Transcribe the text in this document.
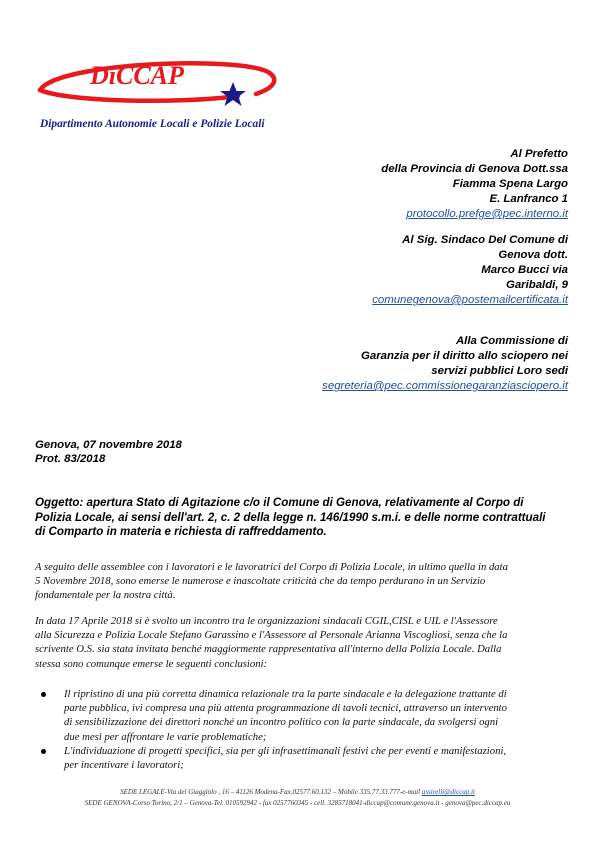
DiCCAP
Dipartimento Autonomie Locali e Polizie Locali
Al Prefetto
della Provincia di Genova Dott.ssa
Fiamma Spena Largo
E. Lanfranco 1
protocollo.prefge@pec.interno.it
Al Sig. Sindaco Del Comune di
Genova dott.
Marco Bucci via
Garibaldi, 9
comunegenova@postemailcertificata.it
Alla Commissione di
Garanzia per il diritto allo sciopero nei
servizi pubblici Loro sedi
segreteria@pec.commissionegaranziasciopero.it
Genova, 07 novembre 2018
Prot. 83/2018
Oggetto: apertura Stato di Agitazione c/o il Comune di Genova, relativamente al Corpo di
Polizia Locale, ai sensi dell'art. 2, c. 2 della legge n. 146/1990 s.m.i. e delle norme contrattuali
di Comparto in materia e richiesta di raffreddamento.
A seguito delle assemblee con i lavoratori e le lavoratrici del Corpo di Polizia Locale, in ultimo quella in data
5 Novembre 2018, sono emerse le numerose e inascoltate criticità che da tempo perdurano in un Servizio
fondamentale per la nostra città.
In data 17 Aprile 2018 si è svolto un incontro tra le organizzazioni sindacali CGIL,CISL e UIL e l'Assessore
alla Sicurezza e Polizia Locale Stefano Garassino e l'Assessore al Personale Arianna Viscogliosi, senza che la
scrivente O.S. sia stata invitata benché maggiormente rappresentativa all'interno della Polizia Locale. Dalla
stessa sono comunque emerse le seguenti conclusioni:
Il ripristino di una più corretta dinamica relazionale tra la parte sindacale e la delegazione trattante di
parte pubblica, ivi compresa una più attenta programmazione di tavoli tecnici, attraverso un intervento
di sensibilizzazione dei direttori nonché un incontro politico con la parte sindacale, da svolgersi ogni
due mesi per affrontare le varie problematiche;
L'individuazione di progetti specifici, sia per gli infrasettimanali festivi che per eventi e manifestazioni,
per incentivare i lavoratori;
SEDE LEGALE-Via del Giaggiolo , 16 – 41126 Modena-Fax.02577.60.132 – Mobile 335.77.33.777-e-mail assirelli@diccap.it
SEDE GENOVA-Corso Torino, 2/1 – Genova-Tel. 010592942 - fax 0257760345 - cell. 3285718041-diccap@comune.genova.it - genova@pec.diccap.eu
